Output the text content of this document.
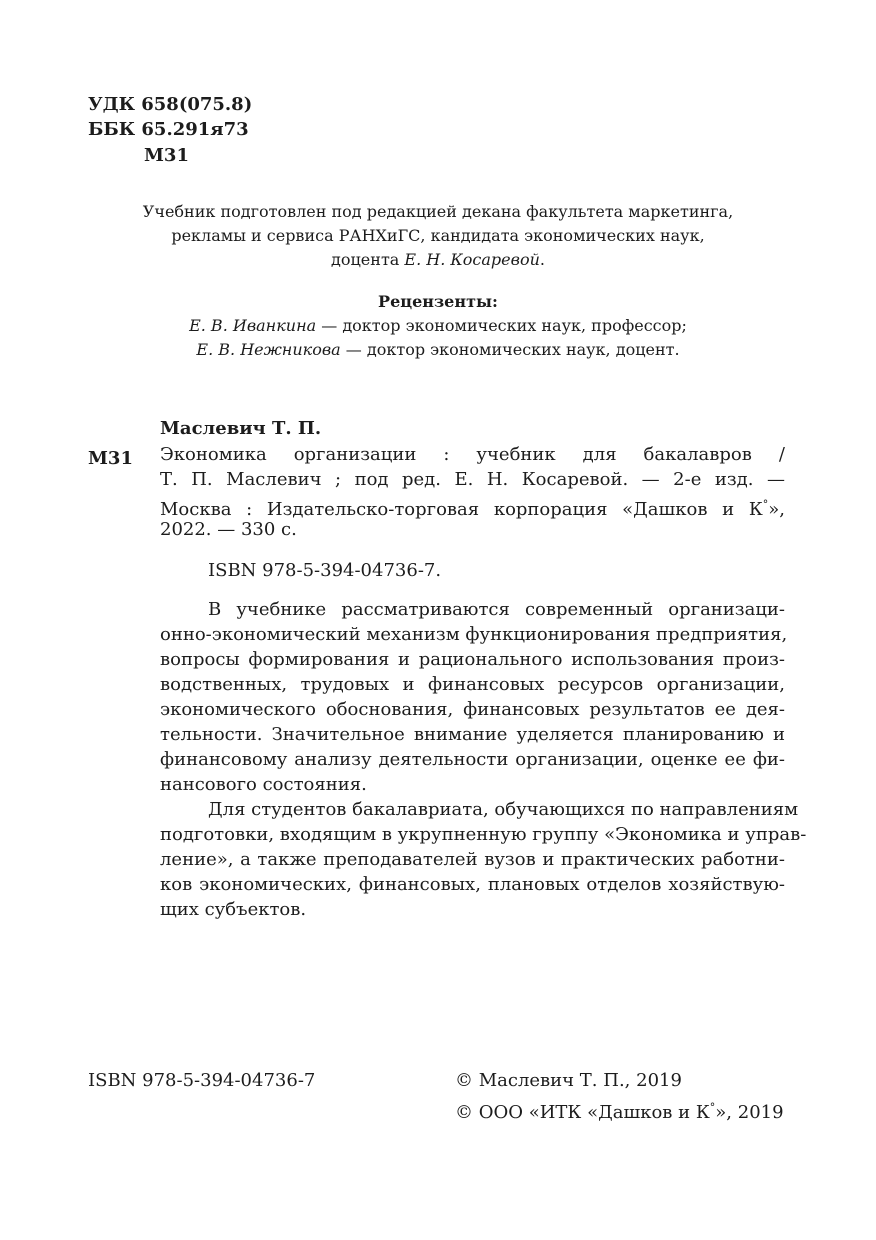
УДК 658(075.8)
ББК 65.291я73
М31
Учебник подготовлен под редакцией декана факультета маркетинга,
рекламы и сервиса РАНХиГС, кандидата экономических наук,
доцента Е. Н. Косаревой.
Рецензенты:
Е. В. Иванкина — доктор экономических наук, профессор;
Е. В. Нежникова — доктор экономических наук, доцент.
Маслевич Т. П.
М31 Экономика организации : учебник для бакалавров /
Т. П. Маслевич ; под ред. Е. Н. Косаревой. — 2-е изд. —
Москва : Издательско-торговая корпорация «Дашков и К°»,
2022. — 330 с.
ISBN 978-5-394-04736-7.
В учебнике рассматриваются современный организаци-
онно-экономический механизм функционирования предприятия,
вопросы формирования и рационального использования произ-
водственных, трудовых и финансовых ресурсов организации,
экономического обоснования, финансовых результатов ее дея-
тельности. Значительное внимание уделяется планированию и
финансовому анализу деятельности организации, оценке ее фи-
нансового состояния.
Для студентов бакалавриата, обучающихся по направлениям
подготовки, входящим в укрупненную группу «Экономика и управ-
ление», а также преподавателей вузов и практических работни-
ков экономических, финансовых, плановых отделов хозяйствую-
щих субъектов.
ISBN 978-5-394-04736-7	© Маслевич Т. П., 2019
© ООО «ИТК «Дашков и К°», 2019
